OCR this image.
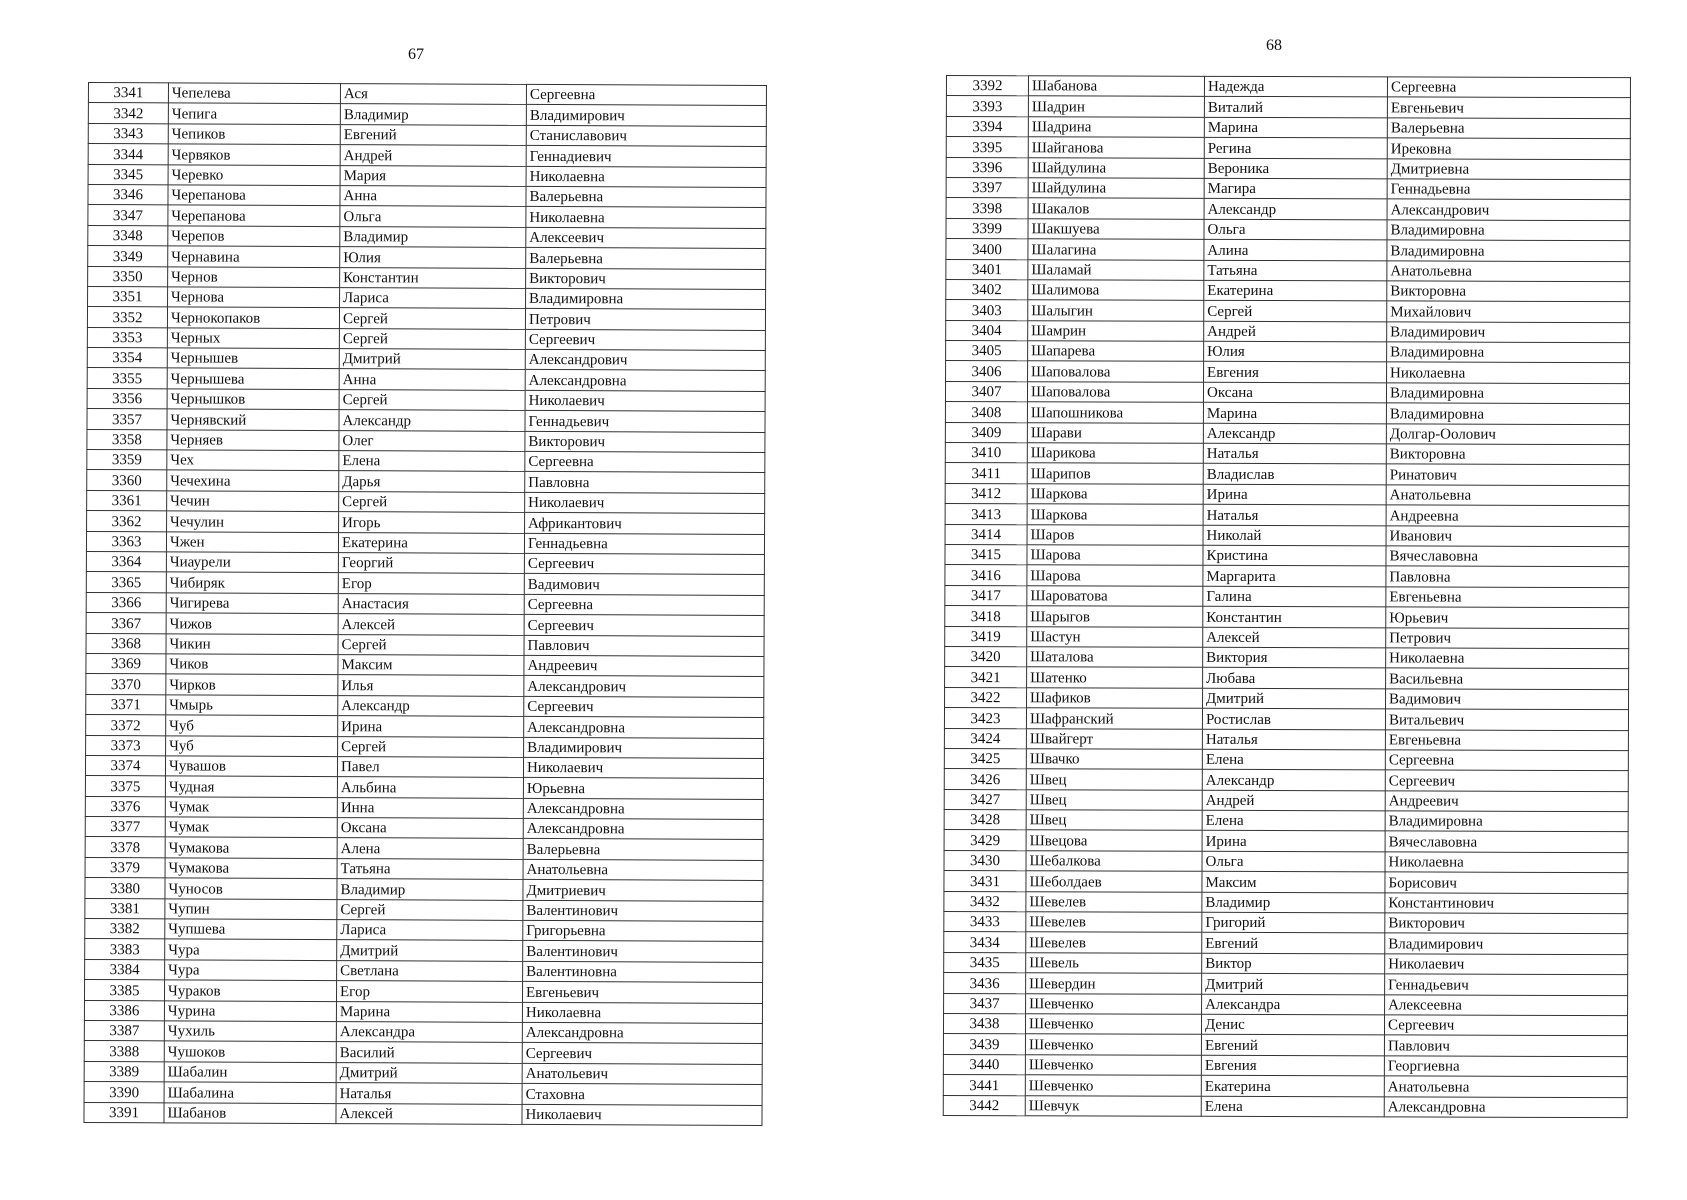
67
68
3341	Чепелева	Ася	Сергеевна
3342	Чепига	Владимир	Владимирович
3343	Чепиков	Евгений	Станиславович
3344	Червяков	Андрей	Геннадиевич
3345	Черевко	Мария	Николаевна
3346	Черепанова	Анна	Валерьевна
3347	Черепанова	Ольга	Николаевна
3348	Черепов	Владимир	Алексеевич
3349	Чернавина	Юлия	Валерьевна
3350	Чернов	Константин	Викторович
3351	Чернова	Лариса	Владимировна
3352	Чернокопаков	Сергей	Петрович
3353	Черных	Сергей	Сергеевич
3354	Чернышев	Дмитрий	Александрович
3355	Чернышева	Анна	Александровна
3356	Чернышков	Сергей	Николаевич
3357	Чернявский	Александр	Геннадьевич
3358	Черняев	Олег	Викторович
3359	Чех	Елена	Сергеевна
3360	Чечехина	Дарья	Павловна
3361	Чечин	Сергей	Николаевич
3362	Чечулин	Игорь	Африкантович
3363	Чжен	Екатерина	Геннадьевна
3364	Чиаурели	Георгий	Сергеевич
3365	Чибиряк	Егор	Вадимович
3366	Чигирева	Анастасия	Сергеевна
3367	Чижов	Алексей	Сергеевич
3368	Чикин	Сергей	Павлович
3369	Чиков	Максим	Андреевич
3370	Чирков	Илья	Александрович
3371	Чмырь	Александр	Сергеевич
3372	Чуб	Ирина	Александровна
3373	Чуб	Сергей	Владимирович
3374	Чувашов	Павел	Николаевич
3375	Чудная	Альбина	Юрьевна
3376	Чумак	Инна	Александровна
3377	Чумак	Оксана	Александровна
3378	Чумакова	Алена	Валерьевна
3379	Чумакова	Татьяна	Анатольевна
3380	Чуносов	Владимир	Дмитриевич
3381	Чупин	Сергей	Валентинович
3382	Чупшева	Лариса	Григорьевна
3383	Чура	Дмитрий	Валентинович
3384	Чура	Светлана	Валентиновна
3385	Чураков	Егор	Евгеньевич
3386	Чурина	Марина	Николаевна
3387	Чухиль	Александра	Александровна
3388	Чушоков	Василий	Сергеевич
3389	Шабалин	Дмитрий	Анатольевич
3390	Шабалина	Наталья	Стаховна
3391	Шабанов	Алексей	Николаевич
3392	Шабанова	Надежда	Сергеевна
3393	Шадрин	Виталий	Евгеньевич
3394	Шадрина	Марина	Валерьевна
3395	Шайганова	Регина	Ирековна
3396	Шайдулина	Вероника	Дмитриевна
3397	Шайдулина	Магира	Геннадьевна
3398	Шакалов	Александр	Александрович
3399	Шакшуева	Ольга	Владимировна
3400	Шалагина	Алина	Владимировна
3401	Шаламай	Татьяна	Анатольевна
3402	Шалимова	Екатерина	Викторовна
3403	Шалыгин	Сергей	Михайлович
3404	Шамрин	Андрей	Владимирович
3405	Шапарева	Юлия	Владимировна
3406	Шаповалова	Евгения	Николаевна
3407	Шаповалова	Оксана	Владимировна
3408	Шапошникова	Марина	Владимировна
3409	Шарави	Александр	Долгар-Оолович
3410	Шарикова	Наталья	Викторовна
3411	Шарипов	Владислав	Ринатович
3412	Шаркова	Ирина	Анатольевна
3413	Шаркова	Наталья	Андреевна
3414	Шаров	Николай	Иванович
3415	Шарова	Кристина	Вячеславовна
3416	Шарова	Маргарита	Павловна
3417	Шароватова	Галина	Евгеньевна
3418	Шарыгов	Константин	Юрьевич
3419	Шастун	Алексей	Петрович
3420	Шаталова	Виктория	Николаевна
3421	Шатенко	Любава	Васильевна
3422	Шафиков	Дмитрий	Вадимович
3423	Шафранский	Ростислав	Витальевич
3424	Швайгерт	Наталья	Евгеньевна
3425	Швачко	Елена	Сергеевна
3426	Швец	Александр	Сергеевич
3427	Швец	Андрей	Андреевич
3428	Швец	Елена	Владимировна
3429	Швецова	Ирина	Вячеславовна
3430	Шебалкова	Ольга	Николаевна
3431	Шеболдаев	Максим	Борисович
3432	Шевелев	Владимир	Константинович
3433	Шевелев	Григорий	Викторович
3434	Шевелев	Евгений	Владимирович
3435	Шевель	Виктор	Николаевич
3436	Шевердин	Дмитрий	Геннадьевич
3437	Шевченко	Александра	Алексеевна
3438	Шевченко	Денис	Сергеевич
3439	Шевченко	Евгений	Павлович
3440	Шевченко	Евгения	Георгиевна
3441	Шевченко	Екатерина	Анатольевна
3442	Шевчук	Елена	Александровна
